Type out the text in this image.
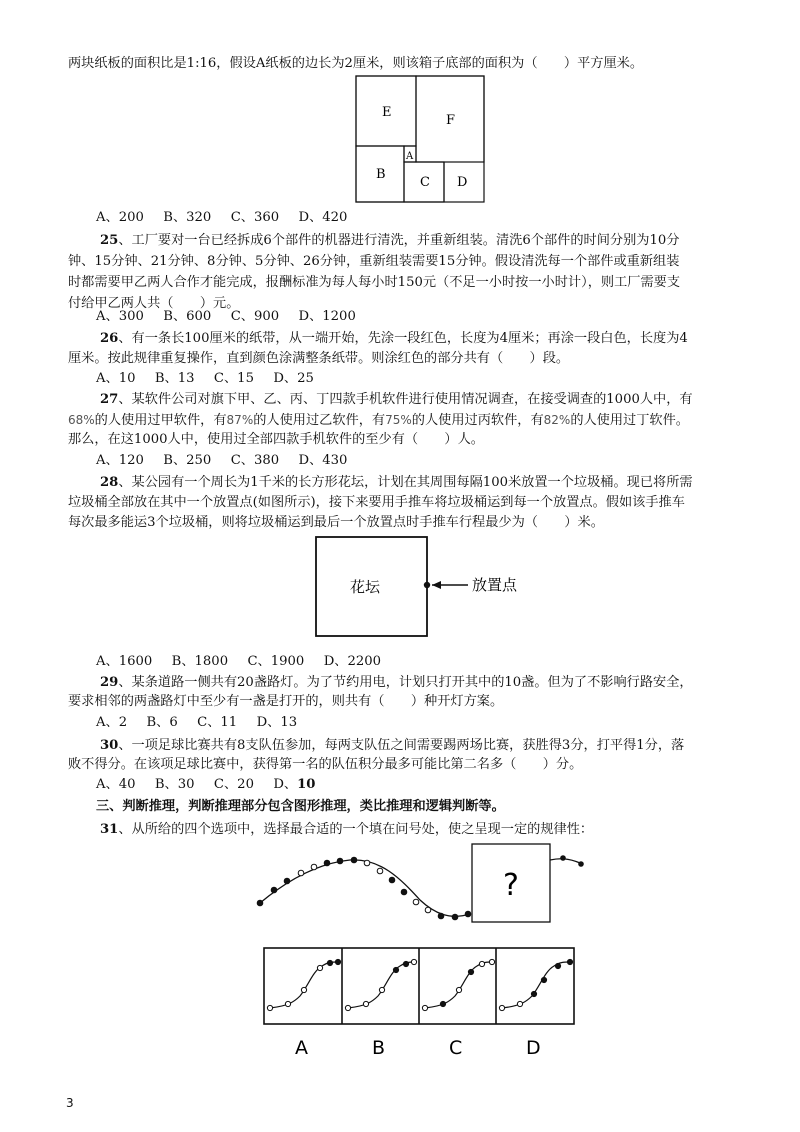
两块纸板的面积比是1:16，假设A纸板的边长为2厘米，则该箱子底部的面积为（　　）平方厘米。
E
F
A
B
C D
A、200　 B、320　 C、360　 D、420
25、工厂要对一台已经拆成6个部件的机器进行清洗，并重新组装。清洗6个部件的时间分别为10分
钟、15分钟、21分钟、8分钟、5分钟、26分钟，重新组装需要15分钟。假设清洗每一个部件或重新组装
时都需要甲乙两人合作才能完成，报酬标准为每人每小时150元（不足一小时按一小时计），则工厂需要支
付给甲乙两人共（　　）元。
A、300　 B、600　 C、900　 D、1200
26、有一条长100厘米的纸带，从一端开始，先涂一段红色，长度为4厘米；再涂一段白色，长度为4
厘米。按此规律重复操作，直到颜色涂满整条纸带。则涂红色的部分共有（　　）段。
A、10　 B、13　 C、15　 D、25
27、某软件公司对旗下甲、乙、丙、丁四款手机软件进行使用情况调查，在接受调查的1000人中，有
68%的人使用过甲软件，有87%的人使用过乙软件，有75%的人使用过丙软件，有82%的人使用过丁软件。
那么，在这1000人中，使用过全部四款手机软件的至少有（　　）人。
A、120　 B、250　 C、380　 D、430
28、某公园有一个周长为1千米的长方形花坛，计划在其周围每隔100米放置一个垃圾桶。现已将所需
垃圾桶全部放在其中一个放置点(如图所示)，接下来要用手推车将垃圾桶运到每一个放置点。假如该手推车
每次最多能运3个垃圾桶，则将垃圾桶运到最后一个放置点时手推车行程最少为（　　）米。
花坛	放置点
A、1600　 B、1800　 C、1900　 D、2200
29、某条道路一侧共有20盏路灯。为了节约用电，计划只打开其中的10盏。但为了不影响行路安全，
要求相邻的两盏路灯中至少有一盏是打开的，则共有（　　）种开灯方案。
A、2　 B、6　 C、11　 D、13
30、一项足球比赛共有8支队伍参加，每两支队伍之间需要踢两场比赛，获胜得3分，打平得1分，落
败不得分。在该项足球比赛中，获得第一名的队伍积分最多可能比第二名多（　　）分。
A、40　 B、30　 C、20　 D、10
三、判断推理，判断推理部分包含图形推理，类比推理和逻辑判断等。
31、从所给的四个选项中，选择最合适的一个填在问号处，使之呈现一定的规律性：
?
A	B	C	D
3
